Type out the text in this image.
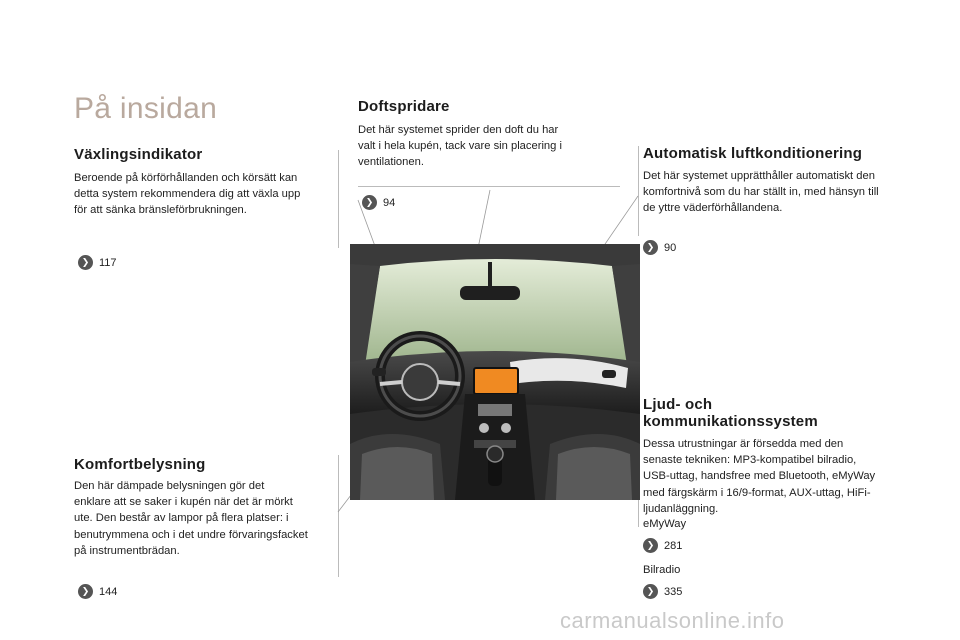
På insidan
Växlingsindikator

Beroende på körförhållanden och körsätt kan
detta system rekommendera dig att växla upp
för att sänka bränsleförbrukningen.

❯ 117
Doftspridare

Det här systemet sprider den doft du har
valt i hela kupén, tack vare sin placering i
ventilationen.

❯ 94
Automatisk luftkonditionering

Det här systemet upprätthåller automatiskt den
komfortnivå som du har ställt in, med hänsyn till
de yttre väderförhållandena.

❯ 90
Komfortbelysning

Den här dämpade belysningen gör det
enklare att se saker i kupén när det är mörkt
ute. Den består av lampor på flera platser: i
benutrymmena och i det undre förvaringsfacket
på instrumentbrädan.

❯ 144
Ljud- och
kommunikationssystem

Dessa utrustningar är försedda med den
senaste tekniken: MP3-kompatibel bilradio,
USB-uttag, handsfree med Bluetooth, eMyWay
med färgskärm i 16/9-format, AUX-uttag, HiFi-
ljudanläggning.

eMyWay
❯ 281
Bilradio
❯ 335
carmanualsonline.info
